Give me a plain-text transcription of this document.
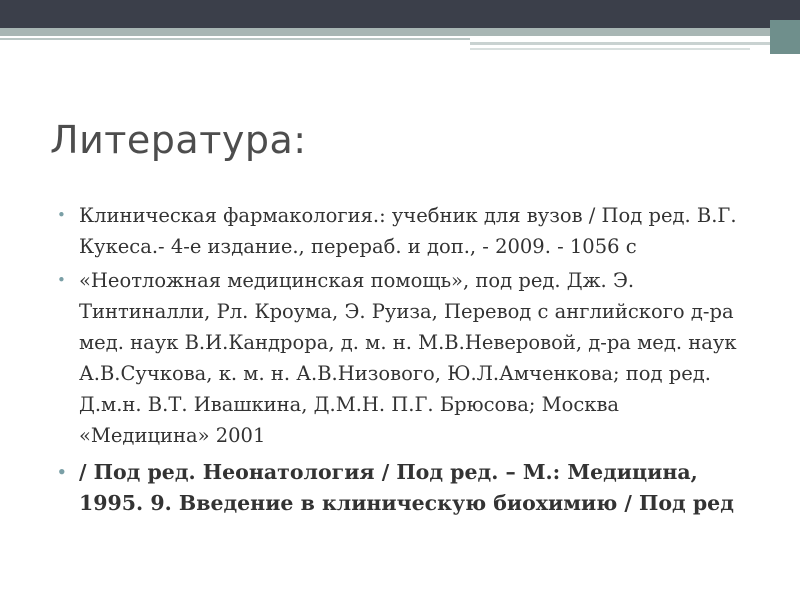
Литература:
• Клиническая фармакология.: учебник для вузов / Под ред. В.Г. Кукеса.- 4-е издание., перераб. и доп., - 2009. - 1056 с
• «Неотложная медицинская помощь», под ред. Дж. Э. Тинтиналли, Рл. Кроума, Э. Руиза, Перевод с английского д-ра мед. наук В.И.Кандрора, д. м. н. М.В.Неверовой, д-ра мед. наук А.В.Сучкова, к. м. н. А.В.Низового, Ю.Л.Амченкова; под ред. Д.м.н. В.Т. Ивашкина, Д.М.Н. П.Г. Брюсова; Москва «Медицина» 2001
• / Под ред. Неонатология / Под ред. – М.: Медицина, 1995. 9. Введение в клиническую биохимию / Под ред
